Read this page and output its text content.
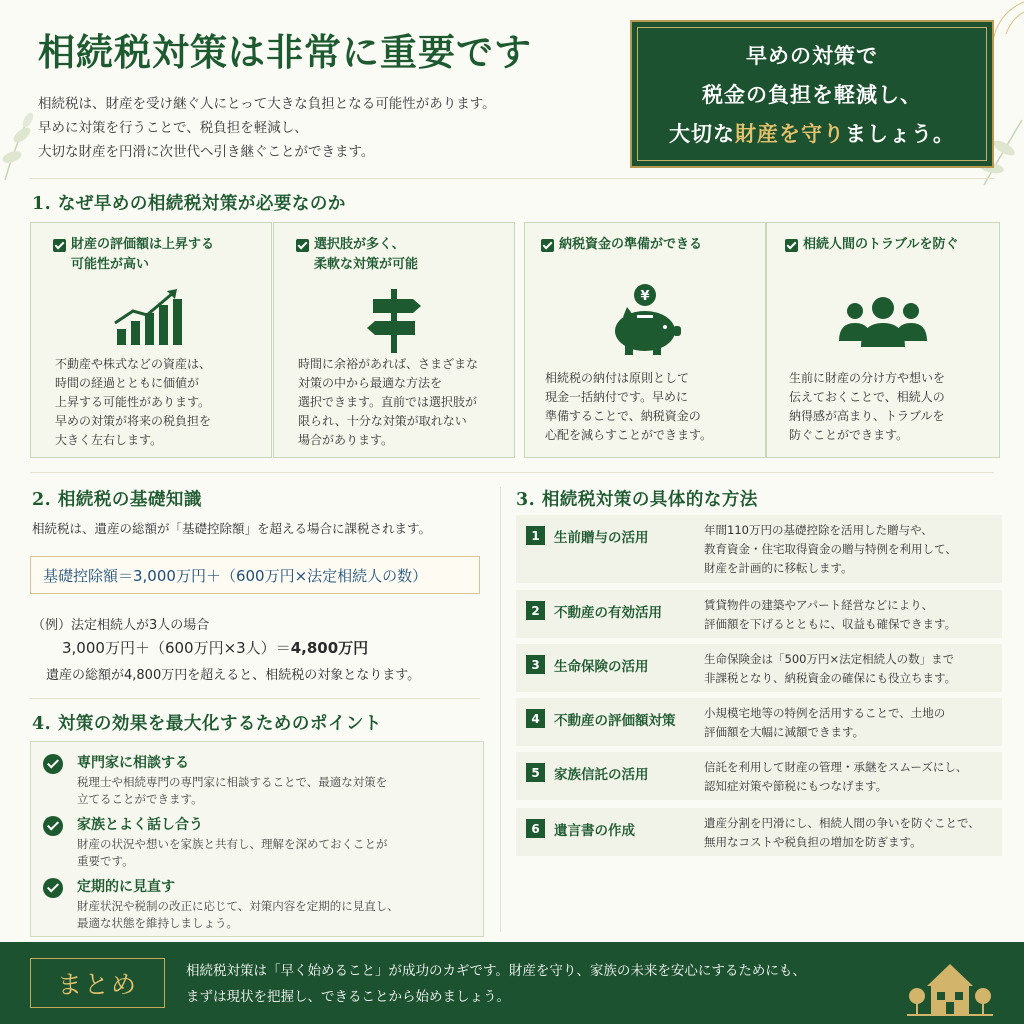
相続税対策は非常に重要です
相続税は、財産を受け継ぐ人にとって大きな負担となる可能性があります。
早めに対策を行うことで、税負担を軽減し、
大切な財産を円滑に次世代へ引き継ぐことができます。
早めの対策で
税金の負担を軽減し、
大切な財産を守りましょう。
1. なぜ早めの相続税対策が必要なのか
財産の評価額は上昇する
可能性が高い
不動産や株式などの資産は、
時間の経過とともに価値が
上昇する可能性があります。
早めの対策が将来の税負担を
大きく左右します。
選択肢が多く、
柔軟な対策が可能
時間に余裕があれば、さまざまな
対策の中から最適な方法を
選択できます。直前では選択肢が
限られ、十分な対策が取れない
場合があります。
納税資金の準備ができる
¥
相続税の納付は原則として
現金一括納付です。早めに
準備することで、納税資金の
心配を減らすことができます。
相続人間のトラブルを防ぐ
生前に財産の分け方や想いを
伝えておくことで、相続人の
納得感が高まり、トラブルを
防ぐことができます。
2. 相続税の基礎知識
相続税は、遺産の総額が「基礎控除額」を超える場合に課税されます。
基礎控除額＝3,000万円＋（600万円×法定相続人の数）
（例）法定相続人が3人の場合
3,000万円＋（600万円×3人）＝4,800万円
遺産の総額が4,800万円を超えると、相続税の対象となります。
4. 対策の効果を最大化するためのポイント
専門家に相談する
税理士や相続専門の専門家に相談することで、最適な対策を
立てることができます。
家族とよく話し合う
財産の状況や想いを家族と共有し、理解を深めておくことが
重要です。
定期的に見直す
財産状況や税制の改正に応じて、対策内容を定期的に見直し、
最適な状態を維持しましょう。
3. 相続税対策の具体的な方法
1	生前贈与の活用	年間110万円の基礎控除を活用した贈与や、
教育資金・住宅取得資金の贈与特例を利用して、
財産を計画的に移転します。
2	不動産の有効活用	賃貸物件の建築やアパート経営などにより、
評価額を下げるとともに、収益も確保できます。
3	生命保険の活用	生命保険金は「500万円×法定相続人の数」まで
非課税となり、納税資金の確保にも役立ちます。
4	不動産の評価額対策 小規模宅地等の特例を活用することで、土地の
評価額を大幅に減額できます。
5	家族信託の活用	信託を利用して財産の管理・承継をスムーズにし、
認知症対策や節税にもつなげます。
6	遺言書の作成	遺産分割を円滑にし、相続人間の争いを防ぐことで、
無用なコストや税負担の増加を防ぎます。
まとめ	相続税対策は「早く始めること」が成功のカギです。財産を守り、家族の未来を安心にするためにも、
まずは現状を把握し、できることから始めましょう。
